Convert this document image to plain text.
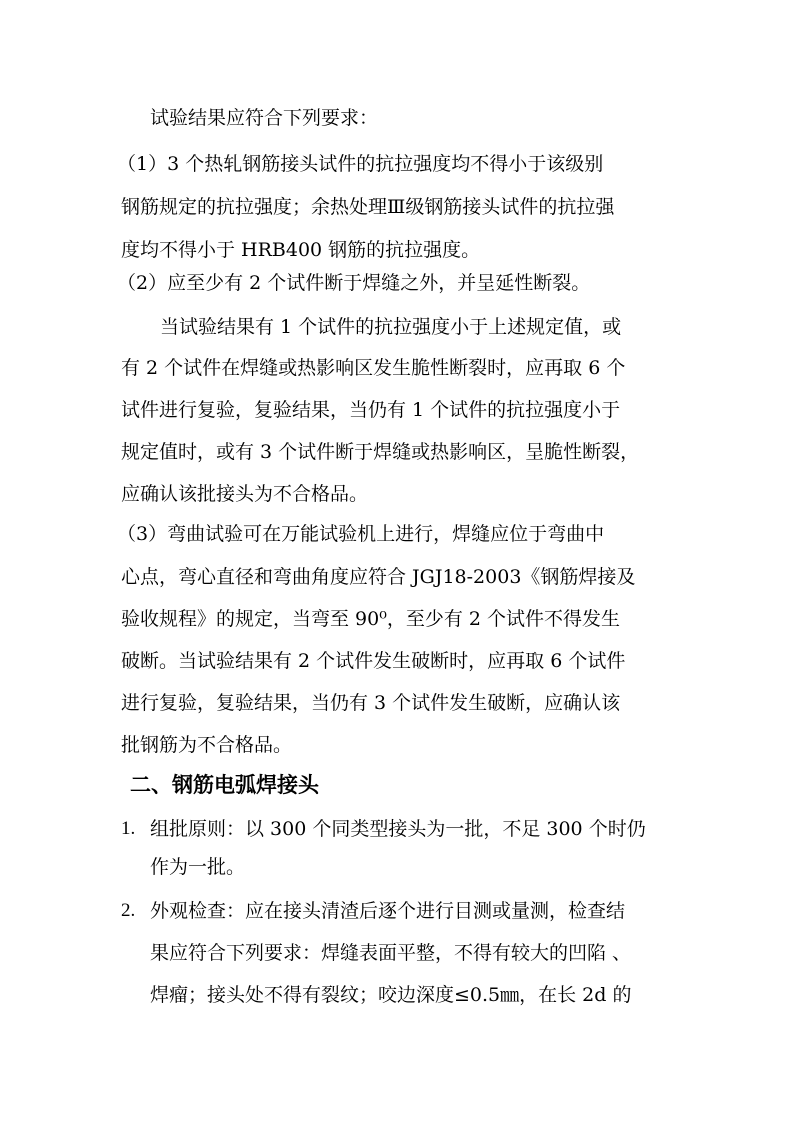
试验结果应符合下列要求：
（1）3 个热轧钢筋接头试件的抗拉强度均不得小于该级别
钢筋规定的抗拉强度；余热处理Ⅲ级钢筋接头试件的抗拉强
度均不得小于 HRB400 钢筋的抗拉强度。
（2）应至少有 2 个试件断于焊缝之外，并呈延性断裂。
当试验结果有 1 个试件的抗拉强度小于上述规定值，或
有 2 个试件在焊缝或热影响区发生脆性断裂时，应再取 6 个
试件进行复验，复验结果，当仍有 1 个试件的抗拉强度小于
规定值时，或有 3 个试件断于焊缝或热影响区，呈脆性断裂，
应确认该批接头为不合格品。
（3）弯曲试验可在万能试验机上进行，焊缝应位于弯曲中
心点，弯心直径和弯曲角度应符合 JGJ18-2003《钢筋焊接及
验收规程》的规定，当弯至 90⁰，至少有 2 个试件不得发生
破断。当试验结果有 2 个试件发生破断时，应再取 6 个试件
进行复验，复验结果，当仍有 3 个试件发生破断，应确认该
批钢筋为不合格品。
二、钢筋电弧焊接头
1. 组批原则：以 300 个同类型接头为一批，不足 300 个时仍
作为一批。
2. 外观检查：应在接头清渣后逐个进行目测或量测，检查结
果应符合下列要求：焊缝表面平整，不得有较大的凹陷 、
焊瘤；接头处不得有裂纹；咬边深度≤0.5㎜，在长 2d 的
